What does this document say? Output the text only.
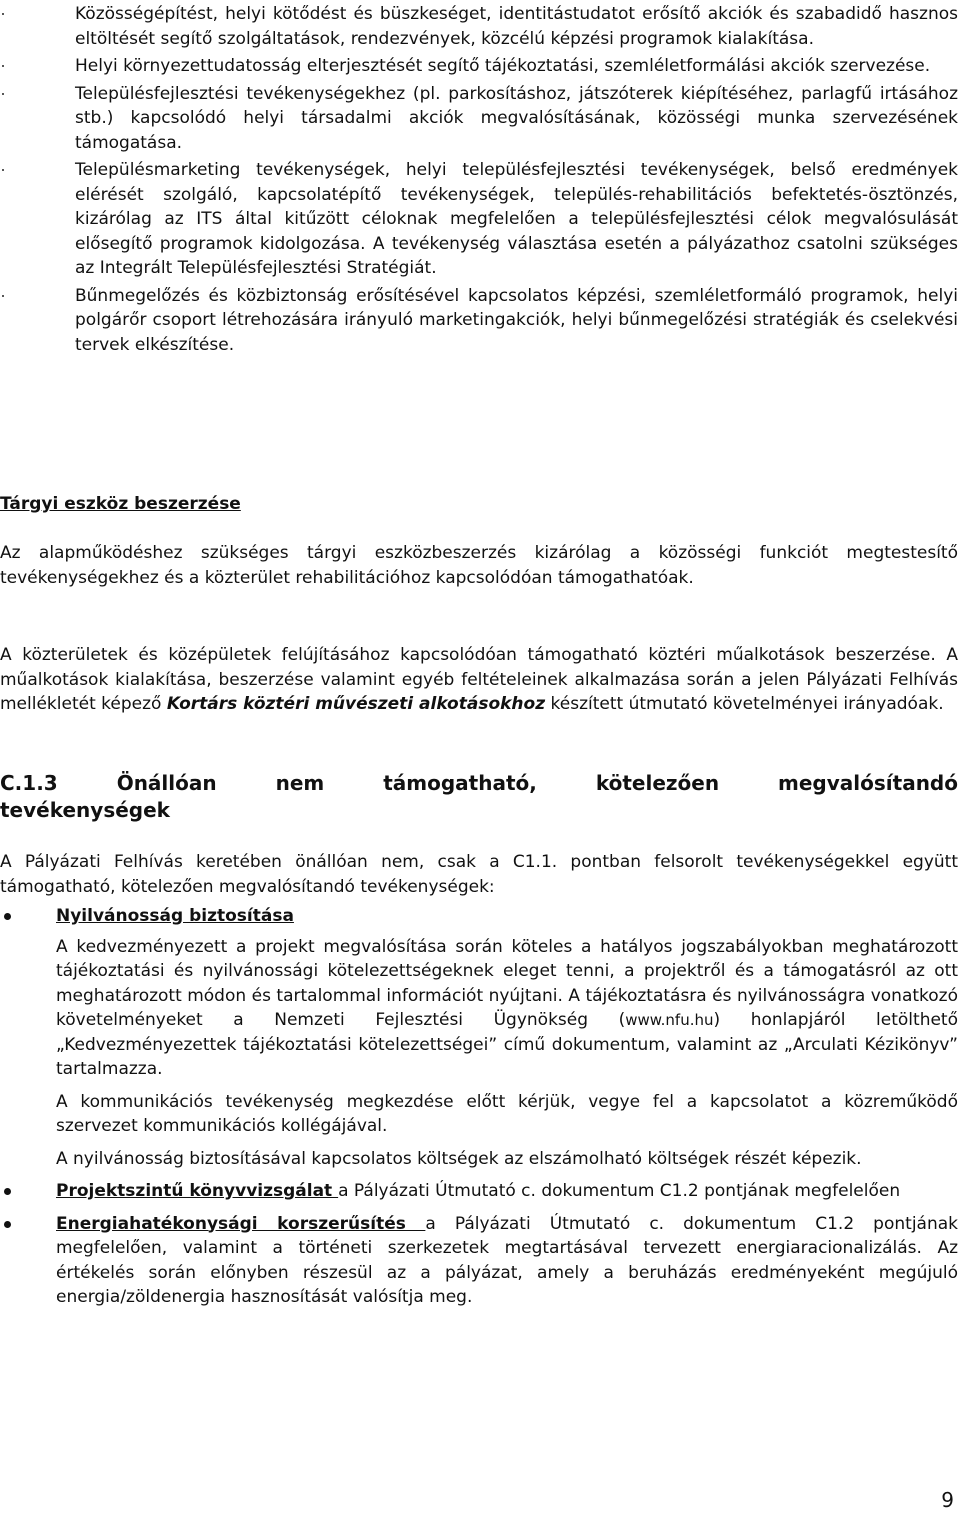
Közösségépítést, helyi kötődést és büszkeséget, identitástudatot erősítő akciók és szabadidő hasznos eltöltését segítő szolgáltatások, rendezvények, közcélú képzési programok kialakítása.
Helyi környezettudatosság elterjesztését segítő tájékoztatási, szemléletformálási akciók szervezése.
Településfejlesztési tevékenységekhez (pl. parkosításhoz, játszóterek kiépítéséhez, parlagfű irtásához stb.) kapcsolódó helyi társadalmi akciók megvalósításának, közösségi munka szervezésének támogatása.
Településmarketing tevékenységek, helyi településfejlesztési tevékenységek, belső eredmények elérését szolgáló, kapcsolatépítő tevékenységek, település-rehabilitációs befektetés-ösztönzés, kizárólag az ITS által kitűzött céloknak megfelelően a településfejlesztési célok megvalósulását elősegítő programok kidolgozása. A tevékenység választása esetén a pályázathoz csatolni szükséges az Integrált Településfejlesztési Stratégiát.
Bűnmegelőzés és közbiztonság erősítésével kapcsolatos képzési, szemléletformáló programok, helyi polgárőr csoport létrehozására irányuló marketingakciók, helyi bűnmegelőzési stratégiák és cselekvési tervek elkészítése.
Tárgyi eszköz beszerzése
Az alapműködéshez szükséges tárgyi eszközbeszerzés kizárólag a közösségi funkciót megtestesítő tevékenységekhez és a közterület rehabilitációhoz kapcsolódóan támogathatóak.
A közterületek és középületek felújításához kapcsolódóan támogatható köztéri műalkotások beszerzése. A műalkotások kialakítása, beszerzése valamint egyéb feltételeinek alkalmazása során a jelen Pályázati Felhívás mellékletét képező Kortárs köztéri művészeti alkotásokhoz készített útmutató követelményei irányadóak.
C.1.3	Önállóan	nem	támogatható,	kötelezően	megvalósítandó
tevékenységek
A Pályázati Felhívás keretében önállóan nem, csak a C1.1. pontban felsorolt tevékenységekkel együtt támogatható, kötelezően megvalósítandó tevékenységek:
Nyilvánosság biztosítása
A kedvezményezett a projekt megvalósítása során köteles a hatályos jogszabályokban meghatározott tájékoztatási és nyilvánossági kötelezettségeknek eleget tenni, a projektről és a támogatásról az ott meghatározott módon és tartalommal információt nyújtani. A tájékoztatásra és nyilvánosságra vonatkozó követelményeket a Nemzeti Fejlesztési Ügynökség (www.nfu.hu) honlapjáról letölthető „Kedvezményezettek tájékoztatási kötelezettségei” című dokumentum, valamint az „Arculati Kézikönyv” tartalmazza.
A kommunikációs tevékenység megkezdése előtt kérjük, vegye fel a kapcsolatot a közreműködő szervezet kommunikációs kollégájával.
A nyilvánosság biztosításával kapcsolatos költségek az elszámolható költségek részét képezik.
Projektszintű könyvvizsgálat a Pályázati Útmutató c. dokumentum C1.2 pontjának megfelelően
Energiahatékonysági korszerűsítés a Pályázati Útmutató c. dokumentum C1.2 pontjának megfelelően, valamint a történeti szerkezetek megtartásával tervezett energiaracionalizálás. Az értékelés során előnyben részesül az a pályázat, amely a beruházás eredményeként megújuló energia/zöldenergia hasznosítását valósítja meg.
9
